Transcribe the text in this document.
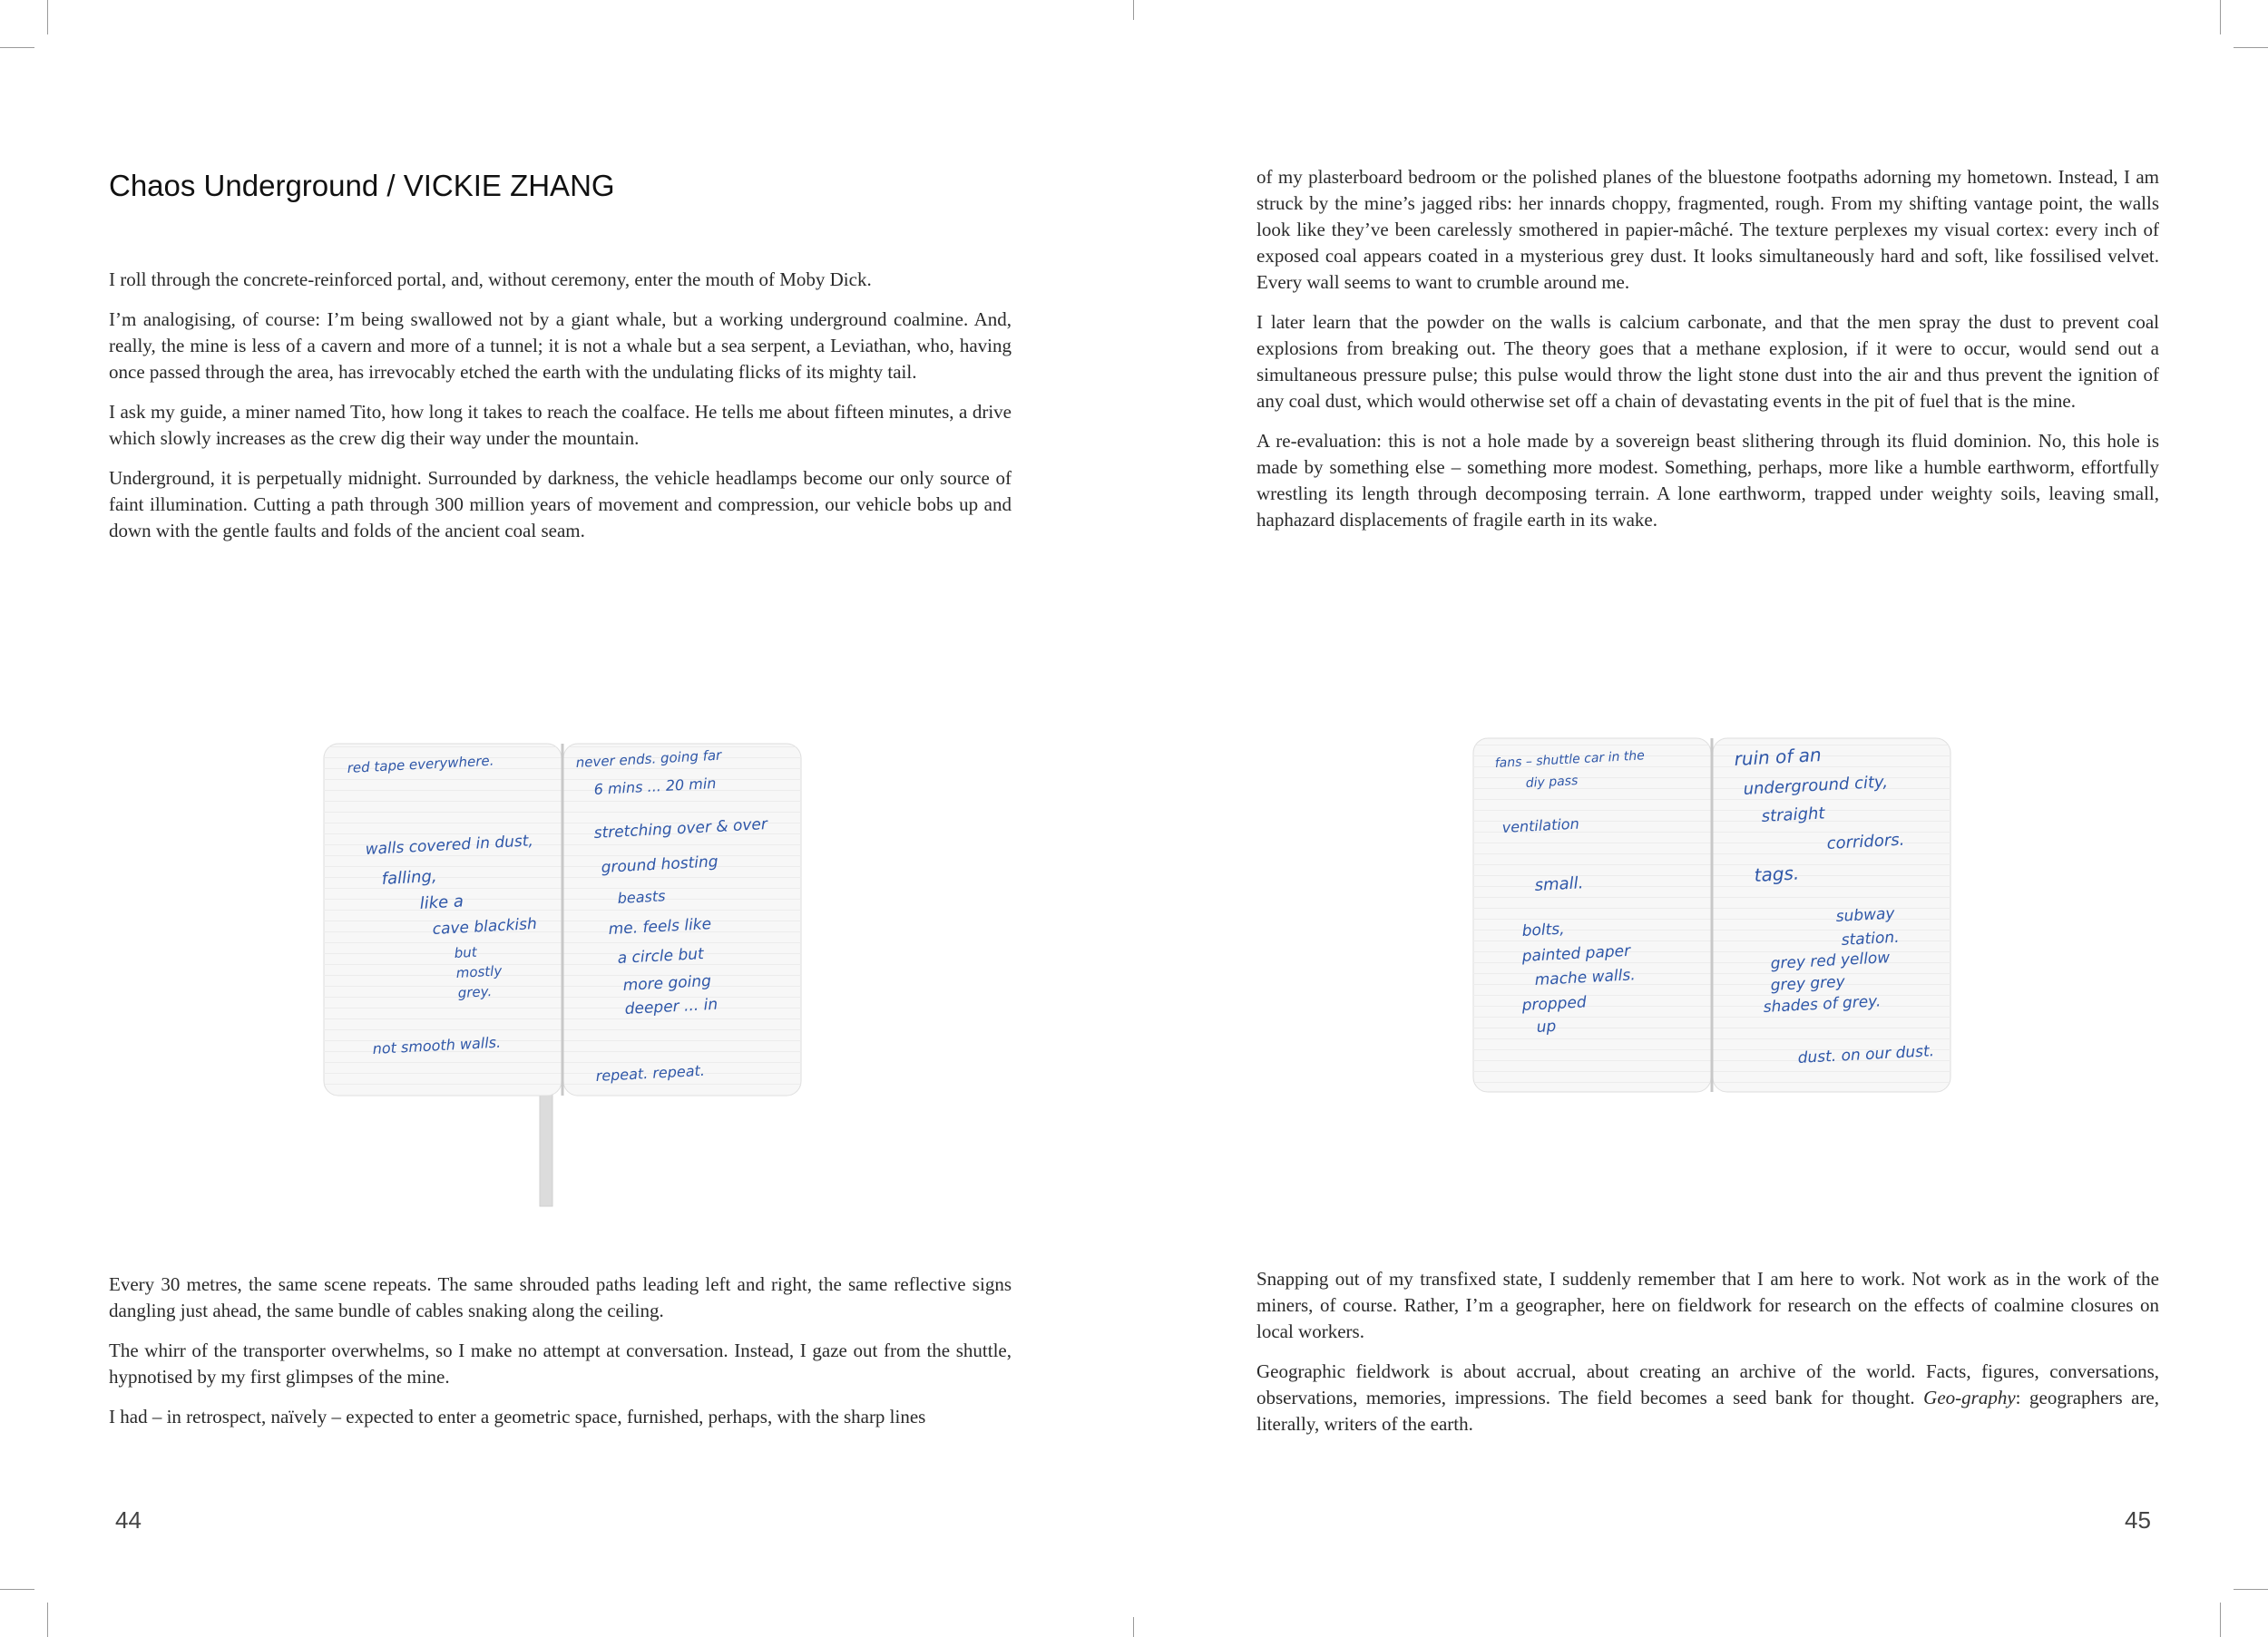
Chaos Underground / VICKIE ZHANG

I roll through the concrete-reinforced portal, and, without ceremony, enter the mouth of Moby Dick.

I’m analogising, of course: I’m being swallowed not by a giant whale, but a working underground coalmine. And, really, the mine is less of a cavern and more of a tunnel; it is not a whale but a sea serpent, a Leviathan, who, having once passed through the area, has irrevocably etched the earth with the undulating flicks of its mighty tail.

I ask my guide, a miner named Tito, how long it takes to reach the coalface. He tells me about fifteen minutes, a drive which slowly increases as the crew dig their way under the mountain.

Underground, it is perpetually midnight. Surrounded by darkness, the vehicle headlamps become our only source of faint illumination. Cutting a path through 300 million years of movement and compression, our vehicle bobs up and down with the gentle faults and folds of the ancient coal seam.

of my plasterboard bedroom or the polished planes of the bluestone footpaths adorning my hometown. Instead, I am struck by the mine’s jagged ribs: her innards choppy, fragmented, rough. From my shifting vantage point, the walls look like they’ve been carelessly smothered in papier-mâché. The texture perplexes my visual cortex: every inch of exposed coal appears coated in a mysterious grey dust. It looks simultaneously hard and soft, like fossilised velvet. Every wall seems to want to crumble around me.

I later learn that the powder on the walls is calcium carbonate, and that the men spray the dust to prevent coal explosions from breaking out. The theory goes that a methane explosion, if it were to occur, would send out a simultaneous pressure pulse; this pulse would throw the light stone dust into the air and thus prevent the ignition of any coal dust, which would otherwise set off a chain of devastating events in the pit of fuel that is the mine.

A re-evaluation: this is not a hole made by a sovereign beast slithering through its fluid dominion. No, this hole is made by something else – something more modest. Something, perhaps, more like a humble earthworm, effortfully wrestling its length through decomposing terrain. A lone earthworm, trapped under weighty soils, leaving small, haphazard displacements of fragile earth in its wake.

red tape everywhere.
walls covered in dust,
falling,
like a
cave blackish
but
mostly
grey.
not smooth walls.
never ends. going far
6 mins ... 20 min
stretching over & over
ground hosting
beasts
me. feels like
a circle but
more going
deeper ... in
repeat. repeat.
fans – shuttle car in the
diy pass
ventilation
small.
bolts,
painted paper
mache walls.
propped
up
ruin of an
underground city,
straight
corridors.
tags.
subway
station.
grey red yellow
grey grey
shades of grey.
dust. on our dust.

Every 30 metres, the same scene repeats. The same shrouded paths leading left and right, the same reflective signs dangling just ahead, the same bundle of cables snaking along the ceiling.

The whirr of the transporter overwhelms, so I make no attempt at conversation. Instead, I gaze out from the shuttle, hypnotised by my first glimpses of the mine.

I had – in retrospect, naïvely – expected to enter a geometric space, furnished, perhaps, with the sharp lines

Snapping out of my transfixed state, I suddenly remember that I am here to work. Not work as in the work of the miners, of course. Rather, I’m a geographer, here on fieldwork for research on the effects of coalmine closures on local workers.

Geographic fieldwork is about accrual, about creating an archive of the world. Facts, figures, conversations, observations, memories, impressions. The field becomes a seed bank for thought. Geo-graphy: geographers are, literally, writers of the earth.

44	45
